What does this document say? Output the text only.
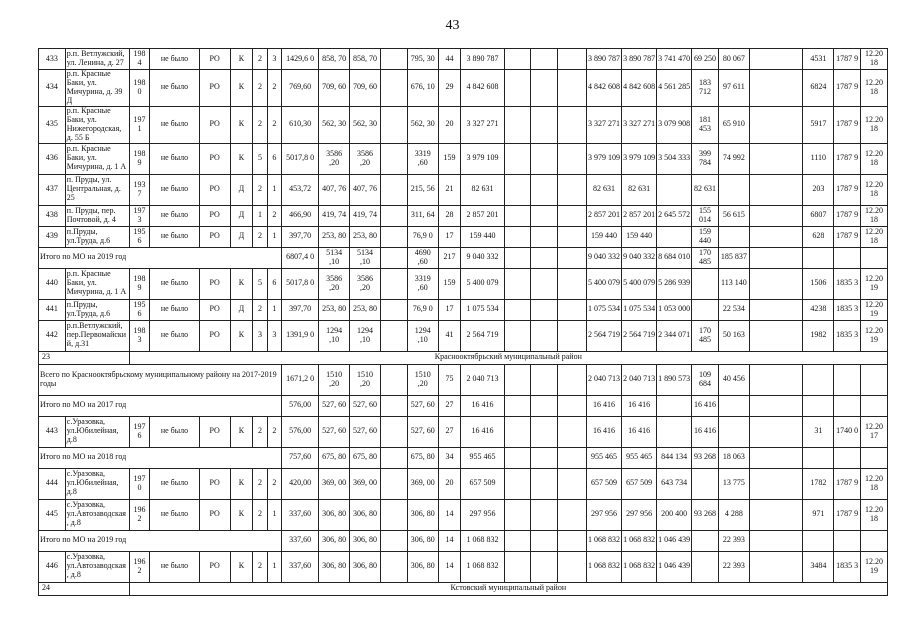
43
433	р.п. Ветлужский, ул. Ленина, д. 27	198 4	не было	РО	К	2	3	1429,6 0	858, 70	858, 70		795, 30	44	3 890 787				3 890 787	3 890 787	3 741 470	69 250	80 067		4531	1787 9	12.20 18
434	р.п. Красные Баки, ул. Мичурина, д. 39 Д	198 0	не было	РО	К	2	2	769,60	709, 60	709, 60		676, 10	29	4 842 608				4 842 608	4 842 608	4 561 285	183 712	97 611		6824	1787 9	12.20 18
435	р.п. Красные Баки, ул. Нижегородская, д. 55 Б	197 1	не было	РО	К	2	2	610,30	562, 30	562, 30		562, 30	20	3 327 271				3 327 271	3 327 271	3 079 908	181 453	65 910		5917	1787 9	12.20 18
436	р.п. Красные Баки, ул. Мичурина, д. 1 А	198 9	не было	РО	К	5	6	5017,8 0	3586 ,20	3586 ,20		3319 ,60	159	3 979 109				3 979 109	3 979 109	3 504 333	399 784	74 992		1110	1787 9	12.20 18
437	п. Пруды, ул. Центральная, д. 25	193 7	не было	РО	Д	2	1	453,72	407, 76	407, 76		215, 56	21	82 631				82 631	82 631		82 631			203	1787 9	12.20 18
438	п. Пруды, пер. Почтовой, д. 4	197 3	не было	РО	Д	1	2	466,90	419, 74	419, 74		311, 64	28	2 857 201				2 857 201	2 857 201	2 645 572	155 014	56 615		6807	1787 9	12.20 18
439	п.Пруды, ул.Труда, д.6	195 6	не было	РО	Д	2	1	397,70	253, 80	253, 80		76,9 0	17	159 440				159 440	159 440		159 440			628	1787 9	12.20 18
Итого по МО на 2019 год								6807,4 0	5134 ,10	5134 ,10		4690 ,60	217	9 040 332				9 040 332	9 040 332	8 684 010	170 485	185 837				
440	р.п. Красные Баки, ул. Мичурина, д. 1 А	198 9	не было	РО	К	5	6	5017,8 0	3586 ,20	3586 ,20		3319 ,60	159	5 400 079				5 400 079	5 400 079	5 286 939		113 140		1506	1835 3	12.20 19
441	п.Пруды, ул.Труда, д.6	195 6	не было	РО	Д	2	1	397,70	253, 80	253, 80		76,9 0	17	1 075 534				1 075 534	1 075 534	1 053 000		22 534		4238	1835 3	12.20 19
442	р.п.Ветлужский, пер.Первомайский, д.31	198 3	не было	РО	К	3	3	1391,9 0	1294 ,10	1294 ,10		1294 ,10	41	2 564 719				2 564 719	2 564 719	2 344 071	170 485	50 163		1982	1835 3	12.20 19
23		Краснооктябрьский муниципальный район																								
Всего по Краснооктябрьскому муниципальному району на 2017-2019 годы								1671,2 0	1510 ,20	1510 ,20		1510 ,20	75	2 040 713				2 040 713	2 040 713	1 890 573	109 684	40 456				
Итого по МО на 2017 год								576,00	527, 60	527, 60		527, 60	27	16 416				16 416	16 416		16 416					
443	с.Уразовка, ул.Юбилейная, д.8	197 6	не было	РО	К	2	2	576,00	527, 60	527, 60		527, 60	27	16 416				16 416	16 416		16 416			31	1740 0	12.20 17
Итого по МО на 2018 год								757,60	675, 80	675, 80		675, 80	34	955 465				955 465	955 465	844 134	93 268	18 063				
444	с.Уразовка, ул.Юбилейная, д.8	197 0	не было	РО	К	2	2	420,00	369, 00	369, 00		369, 00	20	657 509				657 509	657 509	643 734		13 775		1782	1787 9	12.20 18
445	с.Уразовка, ул.Автозаводская, д.8	196 2	не было	РО	К	2	1	337,60	306, 80	306, 80		306, 80	14	297 956				297 956	297 956	200 400	93 268	4 288		971	1787 9	12.20 18
Итого по МО на 2019 год								337,60	306, 80	306, 80		306, 80	14	1 068 832				1 068 832	1 068 832	1 046 439		22 393				
446	с.Уразовка, ул.Автозаводская, д.8	196 2	не было	РО	К	2	1	337,60	306, 80	306, 80		306, 80	14	1 068 832				1 068 832	1 068 832	1 046 439		22 393		3484	1835 3	12.20 19
24		Кстовский муниципальный район																								
